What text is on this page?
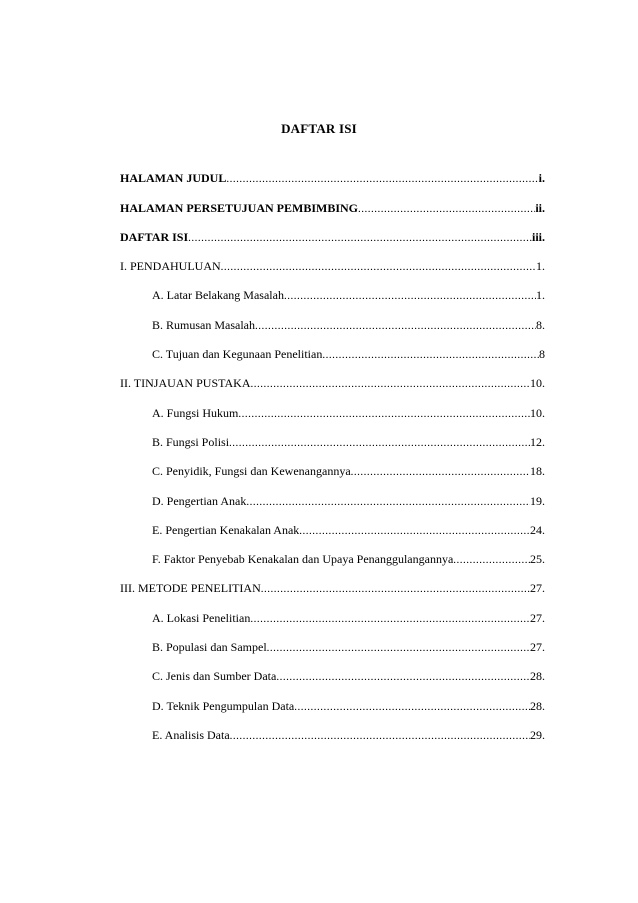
DAFTAR ISI
HALAMAN JUDUL .....	i.
HALAMAN PERSETUJUAN PEMBIMBING .....	ii.
DAFTAR ISI .....	iii.
I. PENDAHULUAN .....	1.
A. Latar Belakang Masalah .....	1.
B. Rumusan Masalah .....	8.
C. Tujuan dan Kegunaan Penelitian .....	8
II. TINJAUAN PUSTAKA .....	10.
A. Fungsi Hukum .....	10.
B. Fungsi Polisi .....	12.
C. Penyidik, Fungsi dan Kewenangannya .....	18.
D. Pengertian Anak .....	19.
E. Pengertian Kenakalan Anak .....	24.
F. Faktor Penyebab Kenakalan dan Upaya Penanggulangannya .....	25.
III. METODE PENELITIAN .....	27.
A. Lokasi Penelitian .....	27.
B. Populasi dan Sampel .....	27.
C. Jenis dan Sumber Data .....	28.
D. Teknik Pengumpulan Data .....	28.
E. Analisis Data .....	29.
